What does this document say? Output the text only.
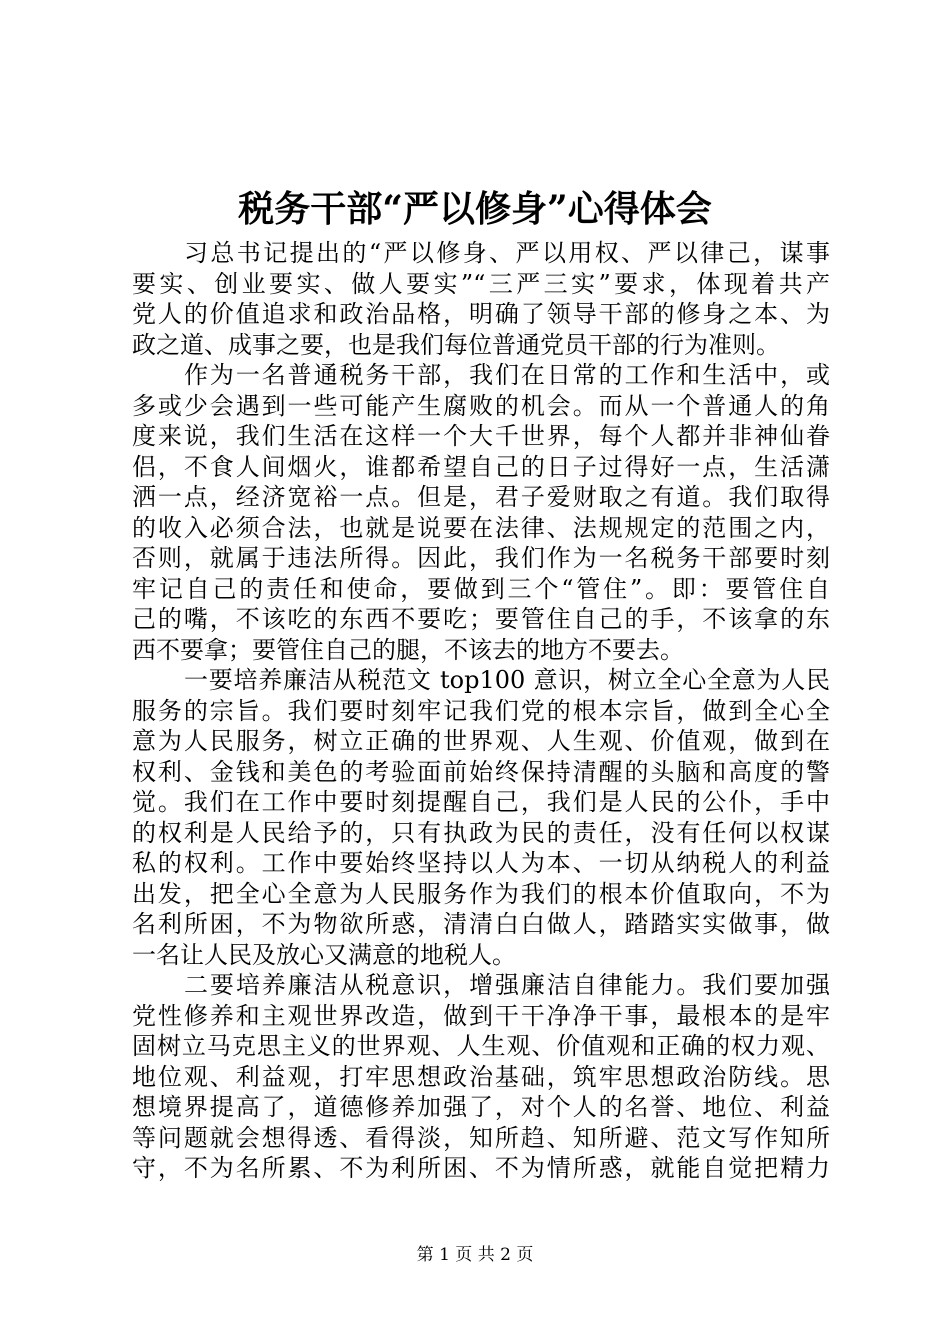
税务干部“严以修身”心得体会
习总书记提出的“严以修身、严以用权、严以律己，谋事
要实、创业要实、做人要实”“三严三实”要求，体现着共产
党人的价值追求和政治品格，明确了领导干部的修身之本、为
政之道、成事之要，也是我们每位普通党员干部的行为准则。
作为一名普通税务干部，我们在日常的工作和生活中，或
多或少会遇到一些可能产生腐败的机会。而从一个普通人的角
度来说，我们生活在这样一个大千世界，每个人都并非神仙眷
侣，不食人间烟火，谁都希望自己的日子过得好一点，生活潇
洒一点，经济宽裕一点。但是，君子爱财取之有道。我们取得
的收入必须合法，也就是说要在法律、法规规定的范围之内，
否则，就属于违法所得。因此，我们作为一名税务干部要时刻
牢记自己的责任和使命，要做到三个“管住”。即：要管住自
己的嘴，不该吃的东西不要吃；要管住自己的手，不该拿的东
西不要拿；要管住自己的腿，不该去的地方不要去。
一要培养廉洁从税范文 top100 意识，树立全心全意为人民
服务的宗旨。我们要时刻牢记我们党的根本宗旨，做到全心全
意为人民服务，树立正确的世界观、人生观、价值观，做到在
权利、金钱和美色的考验面前始终保持清醒的头脑和高度的警
觉。我们在工作中要时刻提醒自己，我们是人民的公仆，手中
的权利是人民给予的，只有执政为民的责任，没有任何以权谋
私的权利。工作中要始终坚持以人为本、一切从纳税人的利益
出发，把全心全意为人民服务作为我们的根本价值取向，不为
名利所困，不为物欲所惑，清清白白做人，踏踏实实做事，做
一名让人民及放心又满意的地税人。
二要培养廉洁从税意识，增强廉洁自律能力。我们要加强
党性修养和主观世界改造，做到干干净净干事，最根本的是牢
固树立马克思主义的世界观、人生观、价值观和正确的权力观、
地位观、利益观，打牢思想政治基础，筑牢思想政治防线。思
想境界提高了，道德修养加强了，对个人的名誉、地位、利益
等问题就会想得透、看得淡，知所趋、知所避、范文写作知所
守，不为名所累、不为利所困、不为情所惑，就能自觉把精力
第 1 页 共 2 页
